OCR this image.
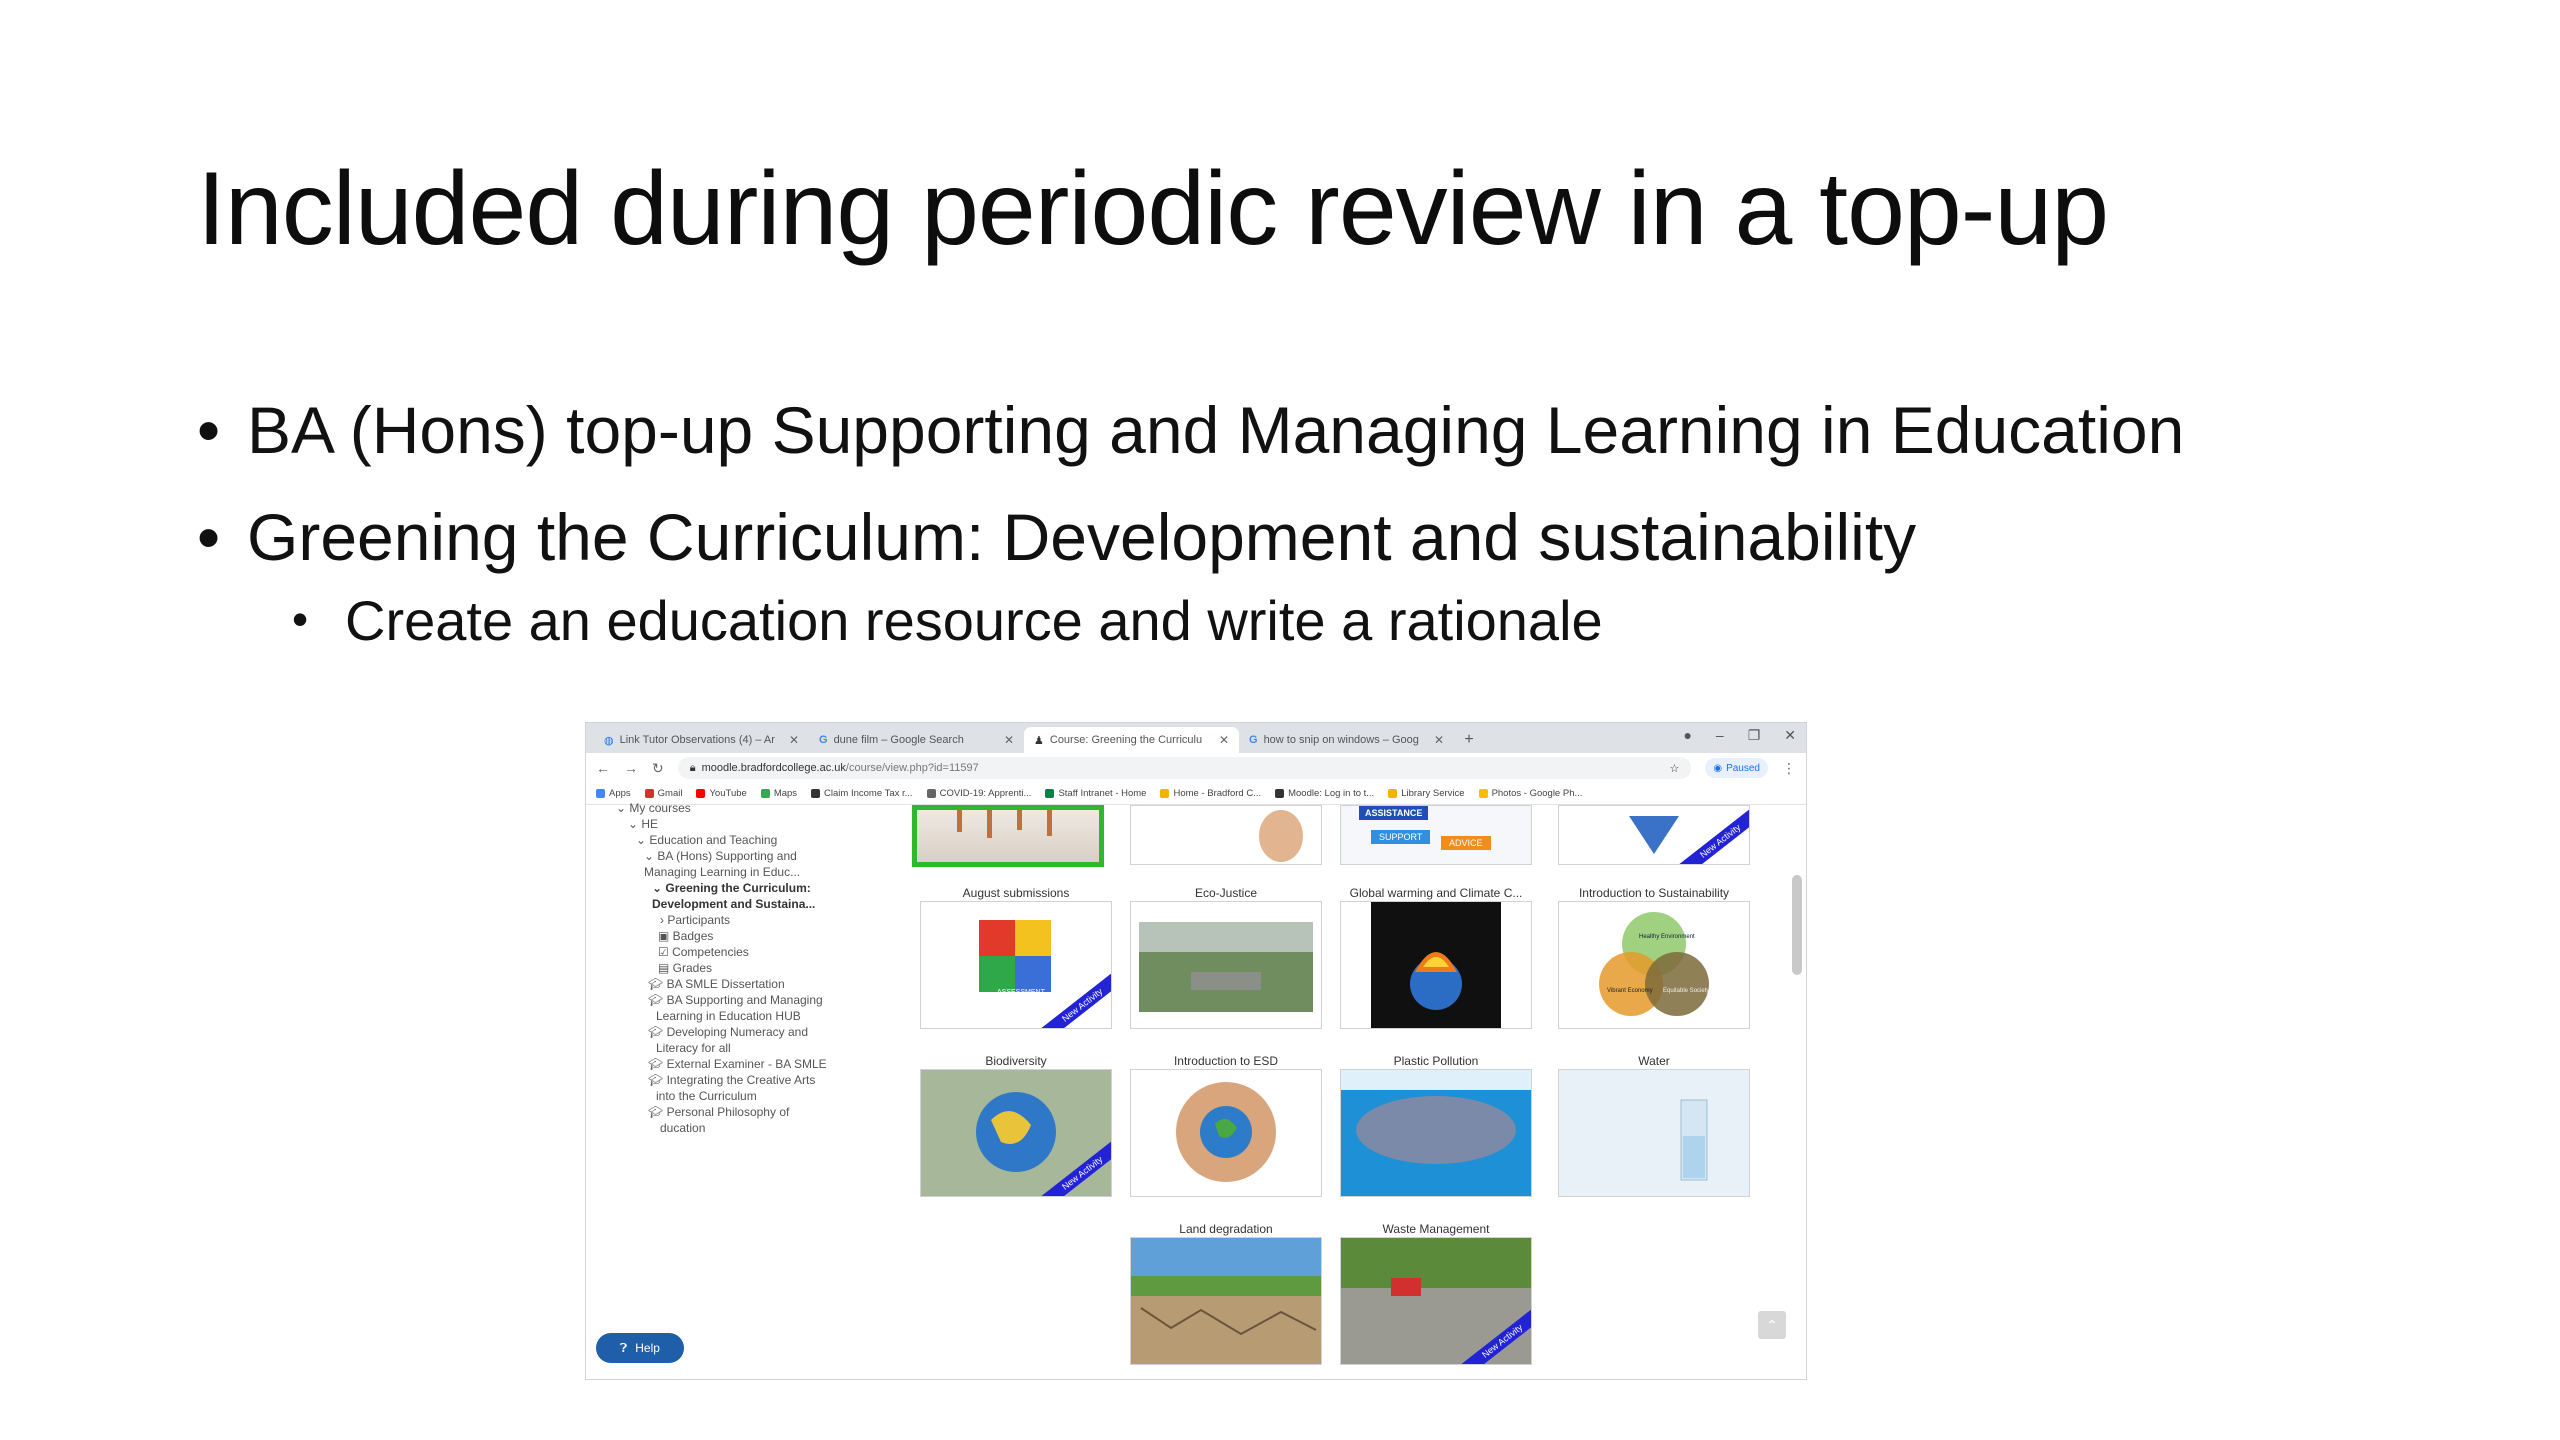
Included during periodic review in a top-up
• BA (Hons) top-up Supporting and Managing Learning in Education
• Greening the Curriculum: Development and sustainability
• Create an education resource and write a rationale
◍ Link Tutor Observations (4) – Ar	✕ G dune film – Google Search	✕ ♟ Course: Greening the Curriculu	✕ G how to snip on windows – Goog	✕	+	● – ❐ ✕
← → ↻ 🔒︎ moodle.bradfordcollege.ac.uk /course/view.php?id=11597	☆	◉ Paused ⋮
Apps	Gmail	YouTube	Maps	Claim Income Tax r...	COVID-19: Apprenti...	Staff Intranet - Home	Home - Bradford C...	Moodle: Log in to t...	Library Service	Photos - Google Ph...
⌄ My courses
⌄ HE
⌄ Education and Teaching
⌄ BA (Hons) Supporting and
Managing Learning in Educ...
⌄ Greening the Curriculum:
Development and Sustaina...
› Participants
▣ Badges
☑ Competencies
▤ Grades
🎓︎ BA SMLE Dissertation
🎓︎ BA Supporting and Managing
Learning in Education HUB
🎓︎ Developing Numeracy and
Literacy for all
🎓︎ External Examiner - BA SMLE
🎓︎ Integrating the Creative Arts
into the Curriculum
🎓︎ Personal Philosophy of
ducation
❓︎ Help
ASSISTANCE
SUPPORT
ADVICE	New Activity
August submissions
ASSESSMENT	New Activity
Eco-Justice	Global warming and Climate C...	Introduction to Sustainability
Healthy Environment
Vibrant Economy Equitable Society
Biodiversity
New Activity
Introduction to ESD	Plastic Pollution	Water
Land degradation	Waste Management
New Activity	⌃
